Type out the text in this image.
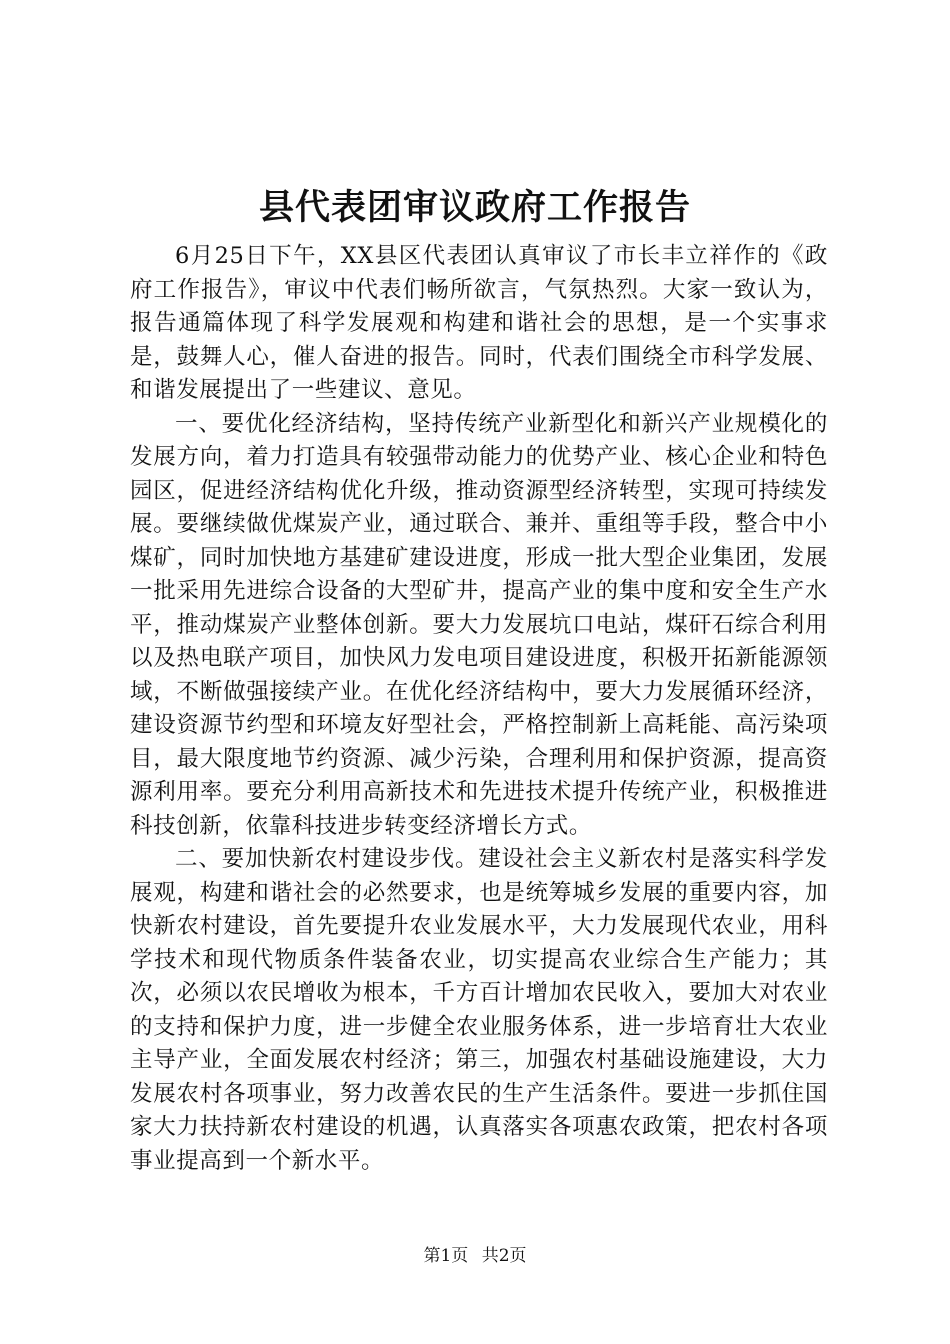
县代表团审议政府工作报告

6月25日下午，XX县区代表团认真审议了市长丰立祥作的《政府工作报告》，审议中代表们畅所欲言，气氛热烈。大家一致认为，报告通篇体现了科学发展观和构建和谐社会的思想，是一个实事求是，鼓舞人心，催人奋进的报告。同时，代表们围绕全市科学发展、和谐发展提出了一些建议、意见。

一、要优化经济结构，坚持传统产业新型化和新兴产业规模化的发展方向，着力打造具有较强带动能力的优势产业、核心企业和特色园区，促进经济结构优化升级，推动资源型经济转型，实现可持续发展。要继续做优煤炭产业，通过联合、兼并、重组等手段，整合中小煤矿，同时加快地方基建矿建设进度，形成一批大型企业集团，发展一批采用先进综合设备的大型矿井，提高产业的集中度和安全生产水平，推动煤炭产业整体创新。要大力发展坑口电站，煤矸石综合利用以及热电联产项目，加快风力发电项目建设进度，积极开拓新能源领域，不断做强接续产业。在优化经济结构中，要大力发展循环经济，建设资源节约型和环境友好型社会，严格控制新上高耗能、高污染项目，最大限度地节约资源、减少污染，合理利用和保护资源，提高资源利用率。要充分利用高新技术和先进技术提升传统产业，积极推进科技创新，依靠科技进步转变经济增长方式。

二、要加快新农村建设步伐。建设社会主义新农村是落实科学发展观，构建和谐社会的必然要求，也是统筹城乡发展的重要内容，加快新农村建设，首先要提升农业发展水平，大力发展现代农业，用科学技术和现代物质条件装备农业，切实提高农业综合生产能力；其次，必须以农民增收为根本，千方百计增加农民收入，要加大对农业的支持和保护力度，进一步健全农业服务体系，进一步培育壮大农业主导产业，全面发展农村经济；第三，加强农村基础设施建设，大力发展农村各项事业，努力改善农民的生产生活条件。要进一步抓住国家大力扶持新农村建设的机遇，认真落实各项惠农政策，把农村各项事业提高到一个新水平。

第1页 共2页
